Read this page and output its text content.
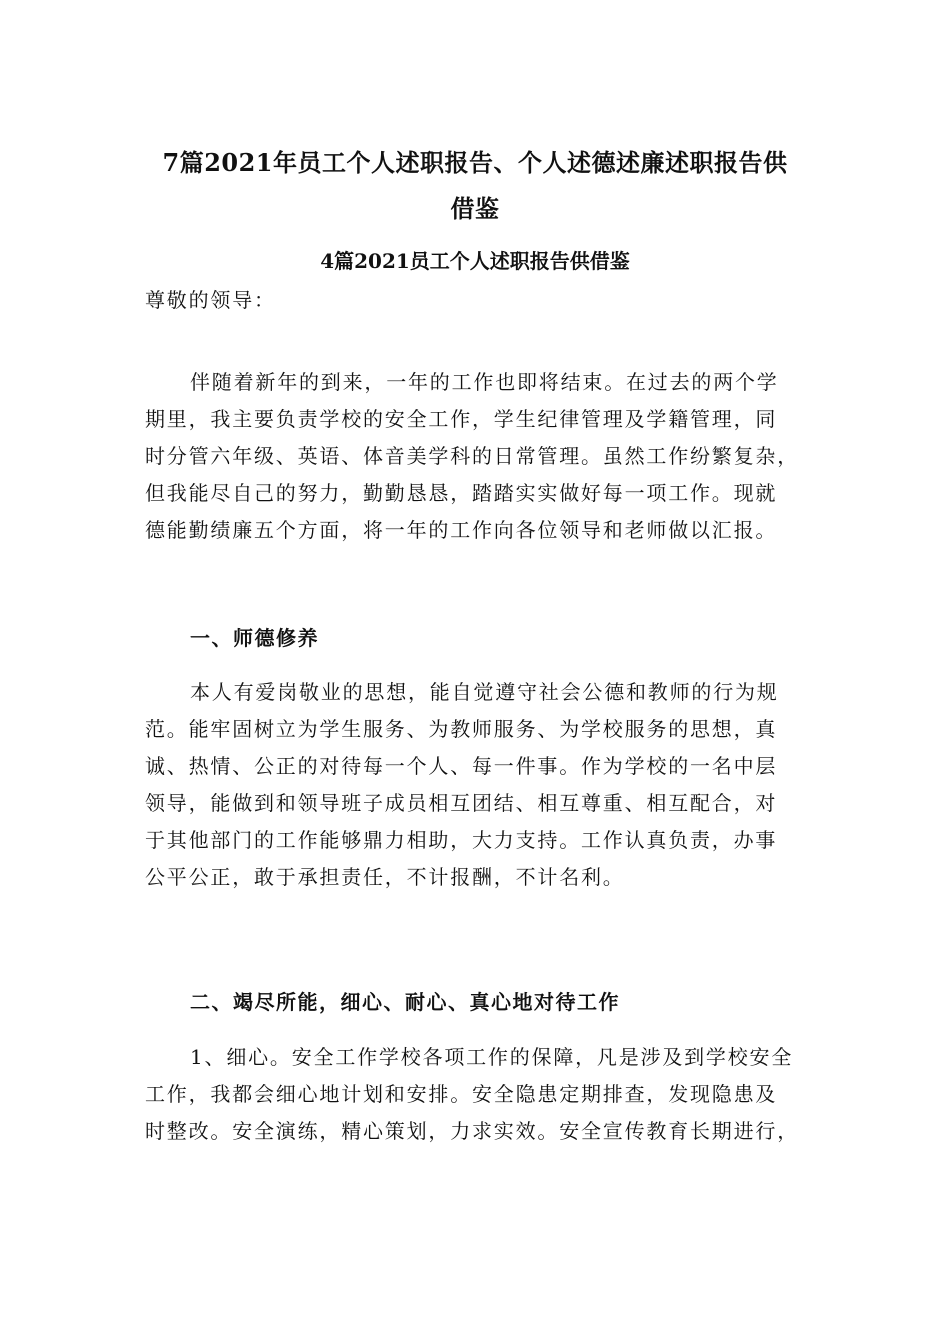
7篇2021年员工个人述职报告、个人述德述廉述职报告供
借鉴
4篇2021员工个人述职报告供借鉴
尊敬的领导：
伴随着新年的到来，一年的工作也即将结束。在过去的两个学
期里，我主要负责学校的安全工作，学生纪律管理及学籍管理，同
时分管六年级、英语、体音美学科的日常管理。虽然工作纷繁复杂，
但我能尽自己的努力，勤勤恳恳，踏踏实实做好每一项工作。现就
德能勤绩廉五个方面，将一年的工作向各位领导和老师做以汇报。
一、师德修养
本人有爱岗敬业的思想，能自觉遵守社会公德和教师的行为规
范。能牢固树立为学生服务、为教师服务、为学校服务的思想，真
诚、热情、公正的对待每一个人、每一件事。作为学校的一名中层
领导，能做到和领导班子成员相互团结、相互尊重、相互配合，对
于其他部门的工作能够鼎力相助，大力支持。工作认真负责，办事
公平公正，敢于承担责任，不计报酬，不计名利。
二、竭尽所能，细心、耐心、真心地对待工作
1、细心。安全工作学校各项工作的保障，凡是涉及到学校安全
工作，我都会细心地计划和安排。安全隐患定期排查，发现隐患及
时整改。安全演练，精心策划，力求实效。安全宣传教育长期进行，
